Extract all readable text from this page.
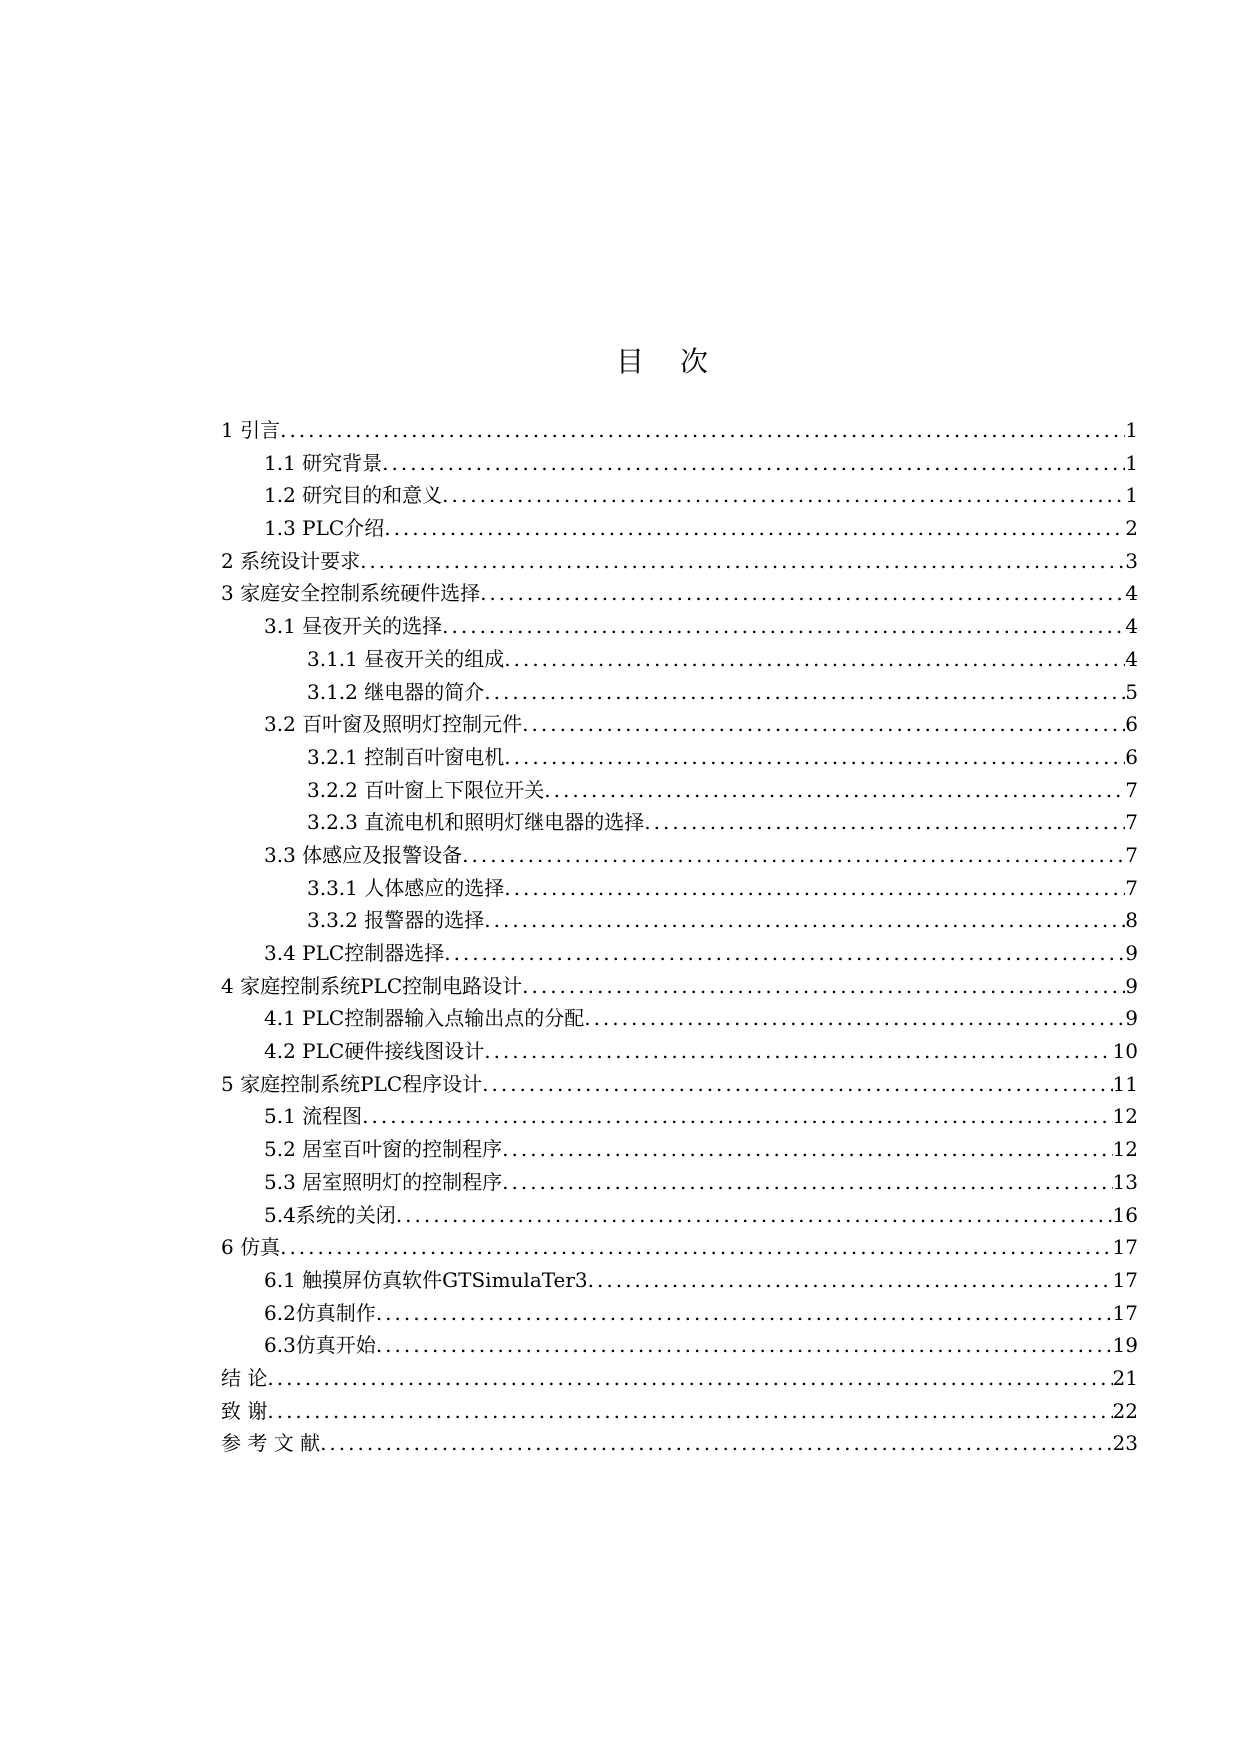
目次
1 引言 .....	1
1.1 研究背景 .....	1
1.2 研究目的和意义 .....	1
1.3 PLC介绍 .....	2
2 系统设计要求 .....	3
3 家庭安全控制系统硬件选择 .....	4
3.1 昼夜开关的选择 .....	4
3.1.1 昼夜开关的组成 .....	4
3.1.2 继电器的简介 .....	5
3.2 百叶窗及照明灯控制元件 .....	6
3.2.1 控制百叶窗电机 .....	6
3.2.2 百叶窗上下限位开关 .....	7
3.2.3 直流电机和照明灯继电器的选择 .....	7
3.3 体感应及报警设备 .....	7
3.3.1 人体感应的选择 .....	7
3.3.2 报警器的选择 .....	8
3.4 PLC控制器选择 .....	9
4 家庭控制系统PLC控制电路设计 .....	9
4.1 PLC控制器输入点输出点的分配 .....	9
4.2 PLC硬件接线图设计 .....	10
5 家庭控制系统PLC程序设计 .....	11
5.1 流程图 .....	12
5.2 居室百叶窗的控制程序 .....	12
5.3 居室照明灯的控制程序 .....	13
5.4系统的关闭 .....	16
6 仿真 .....	17
6.1 触摸屏仿真软件GTSimulaTer3 .....	17
6.2仿真制作 .....	17
6.3仿真开始 .....	19
结 论 .....	21
致 谢 .....	22
参 考 文 献 .....	23
